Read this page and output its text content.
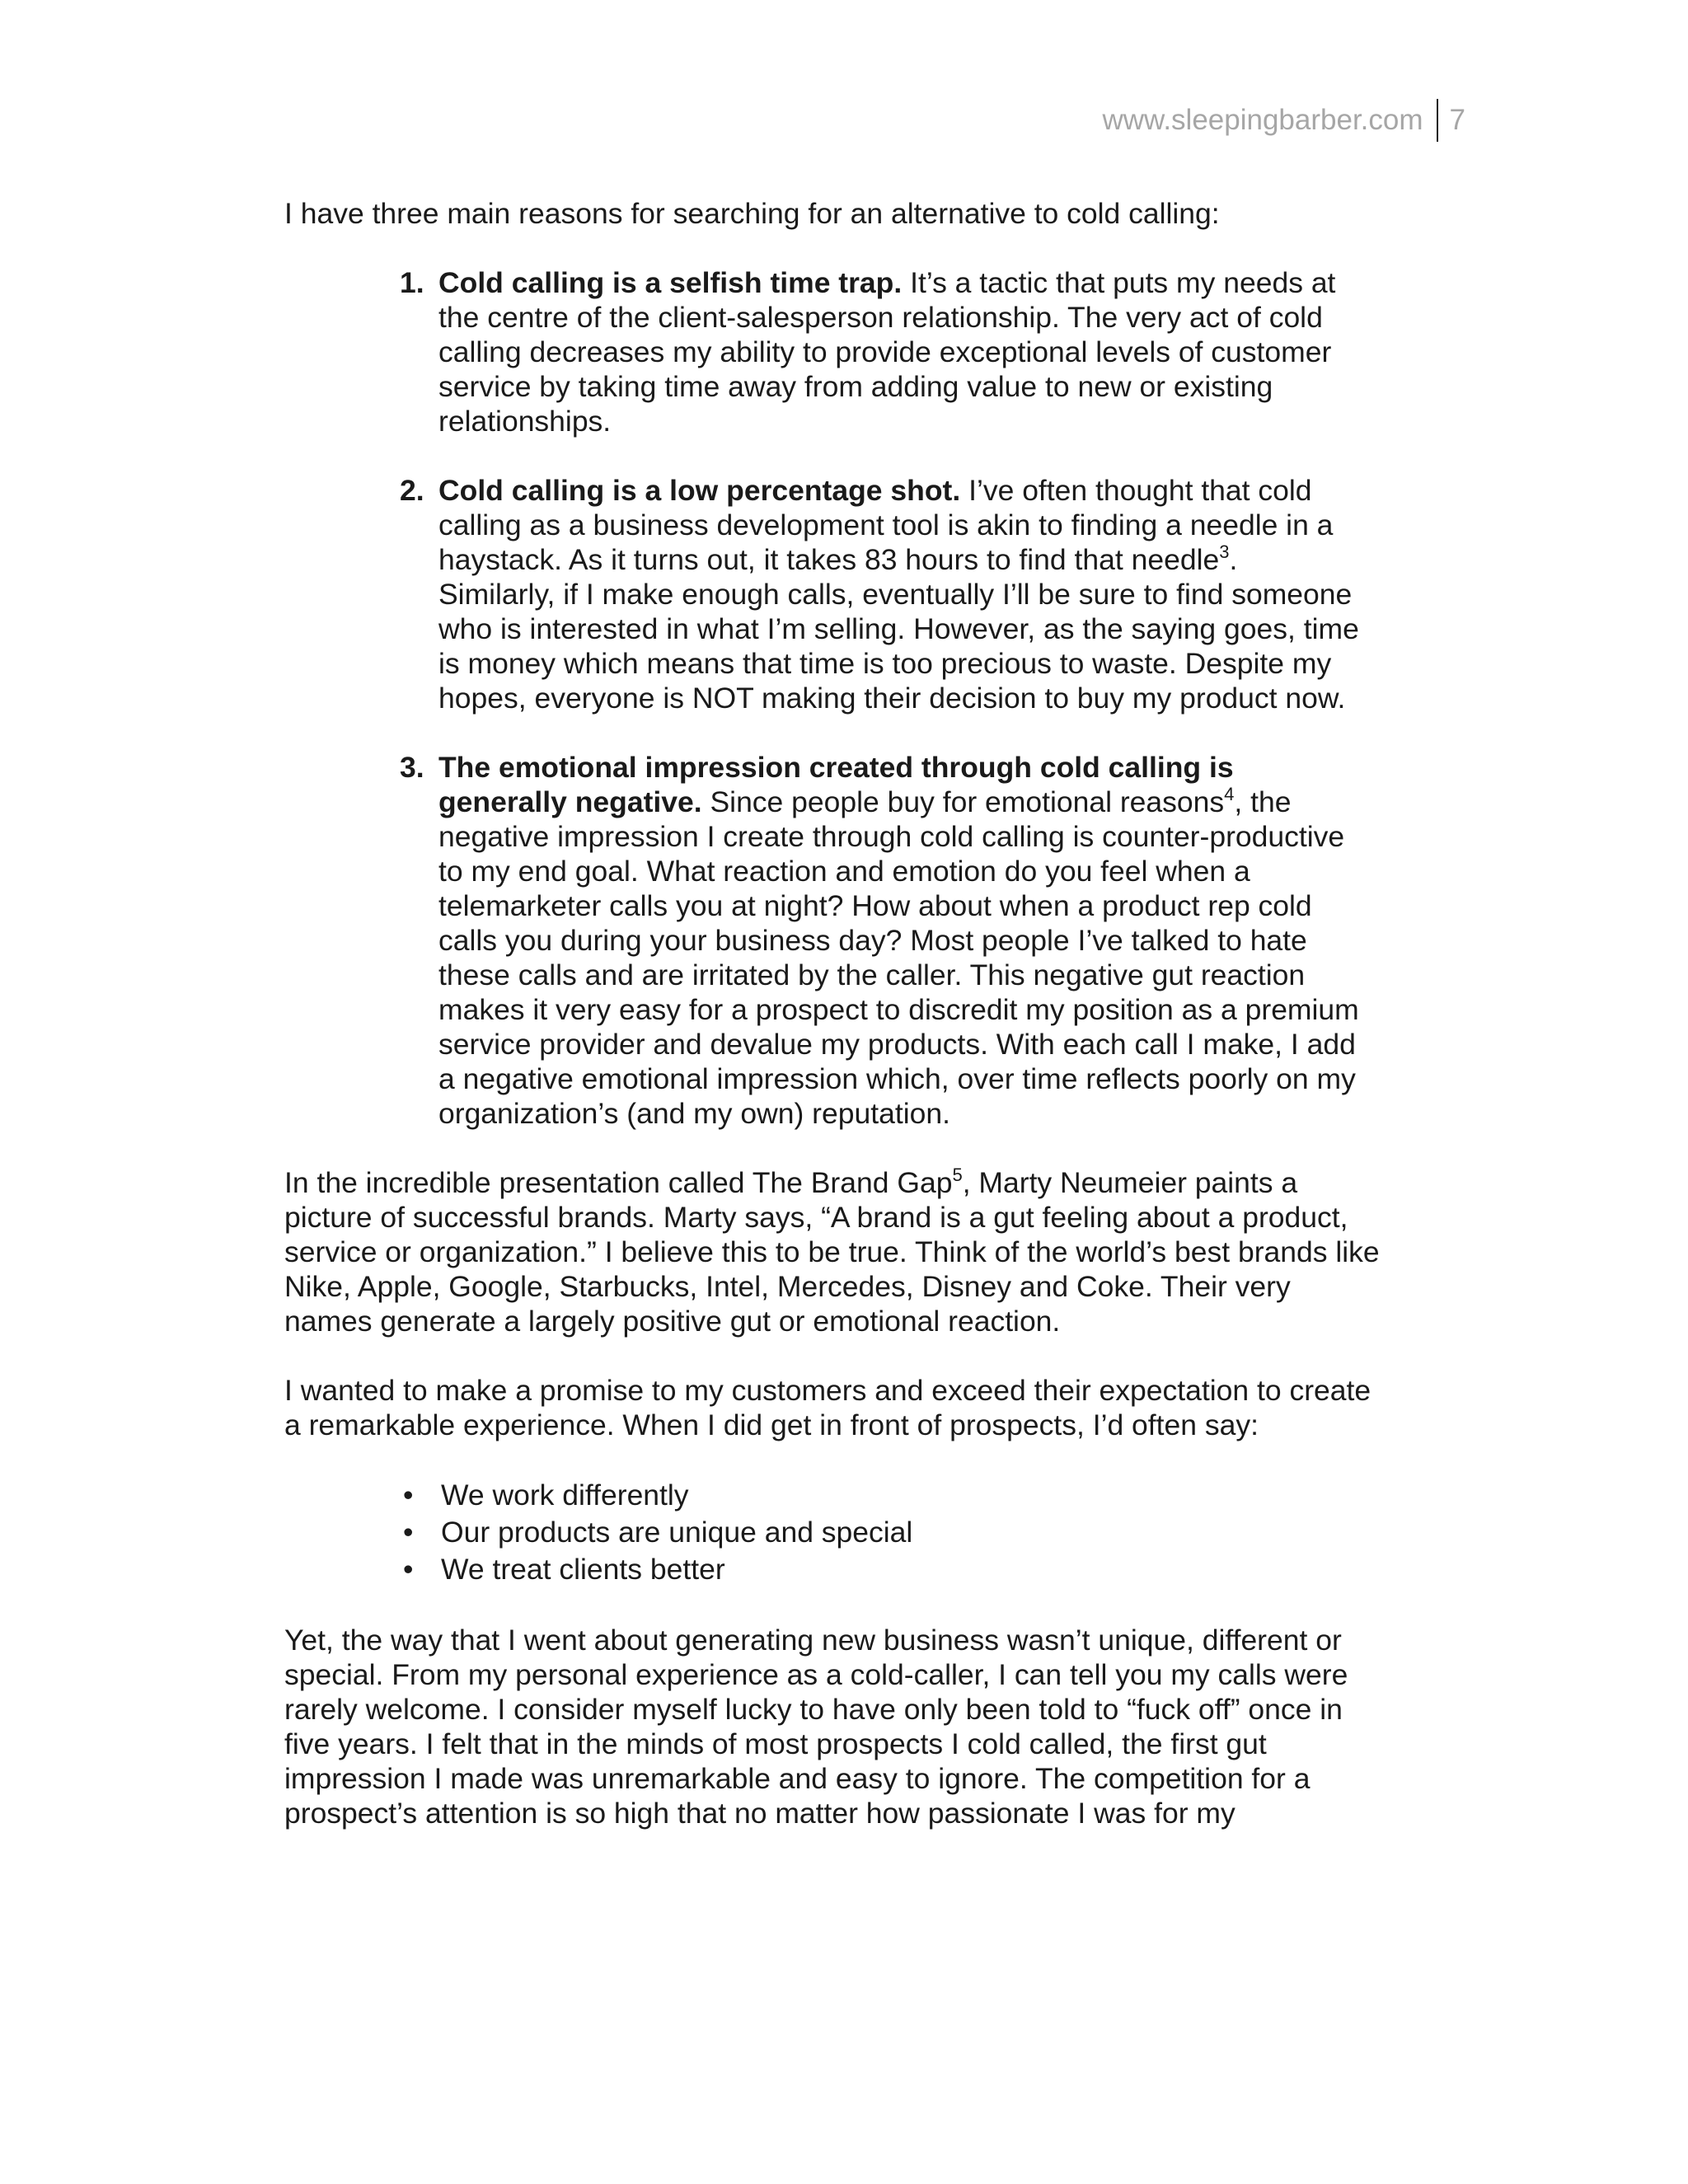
www.sleepingbarber.com 7

I have three main reasons for searching for an alternative to cold calling:

1. Cold calling is a selfish time trap. It’s a tactic that puts my needs at the centre of the client-salesperson relationship. The very act of cold calling decreases my ability to provide exceptional levels of customer service by taking time away from adding value to new or existing relationships.
2. Cold calling is a low percentage shot. I’ve often thought that cold calling as a business development tool is akin to finding a needle in a haystack. As it turns out, it takes 83 hours to find that needle$^3$. Similarly, if I make enough calls, eventually I’ll be sure to find someone who is interested in what I’m selling. However, as the saying goes, time is money which means that time is too precious to waste. Despite my hopes, everyone is NOT making their decision to buy my product now.
3. The emotional impression created through cold calling is generally negative. Since people buy for emotional reasons$^4$, the negative impression I create through cold calling is counter-productive to my end goal. What reaction and emotion do you feel when a telemarketer calls you at night? How about when a product rep cold calls you during your business day? Most people I’ve talked to hate these calls and are irritated by the caller. This negative gut reaction makes it very easy for a prospect to discredit my position as a premium service provider and devalue my products. With each call I make, I add a negative emotional impression which, over time reflects poorly on my organization’s (and my own) reputation.

In the incredible presentation called The Brand Gap$^5$, Marty Neumeier paints a picture of successful brands. Marty says, “A brand is a gut feeling about a product, service or organization.” I believe this to be true. Think of the world’s best brands like Nike, Apple, Google, Starbucks, Intel, Mercedes, Disney and Coke. Their very names generate a largely positive gut or emotional reaction.

I wanted to make a promise to my customers and exceed their expectation to create a remarkable experience. When I did get in front of prospects, I’d often say:

• We work differently
• Our products are unique and special
• We treat clients better

Yet, the way that I went about generating new business wasn’t unique, different or special. From my personal experience as a cold-caller, I can tell you my calls were rarely welcome. I consider myself lucky to have only been told to “fuck off” once in five years. I felt that in the minds of most prospects I cold called, the first gut impression I made was unremarkable and easy to ignore. The competition for a prospect’s attention is so high that no matter how passionate I was for my
